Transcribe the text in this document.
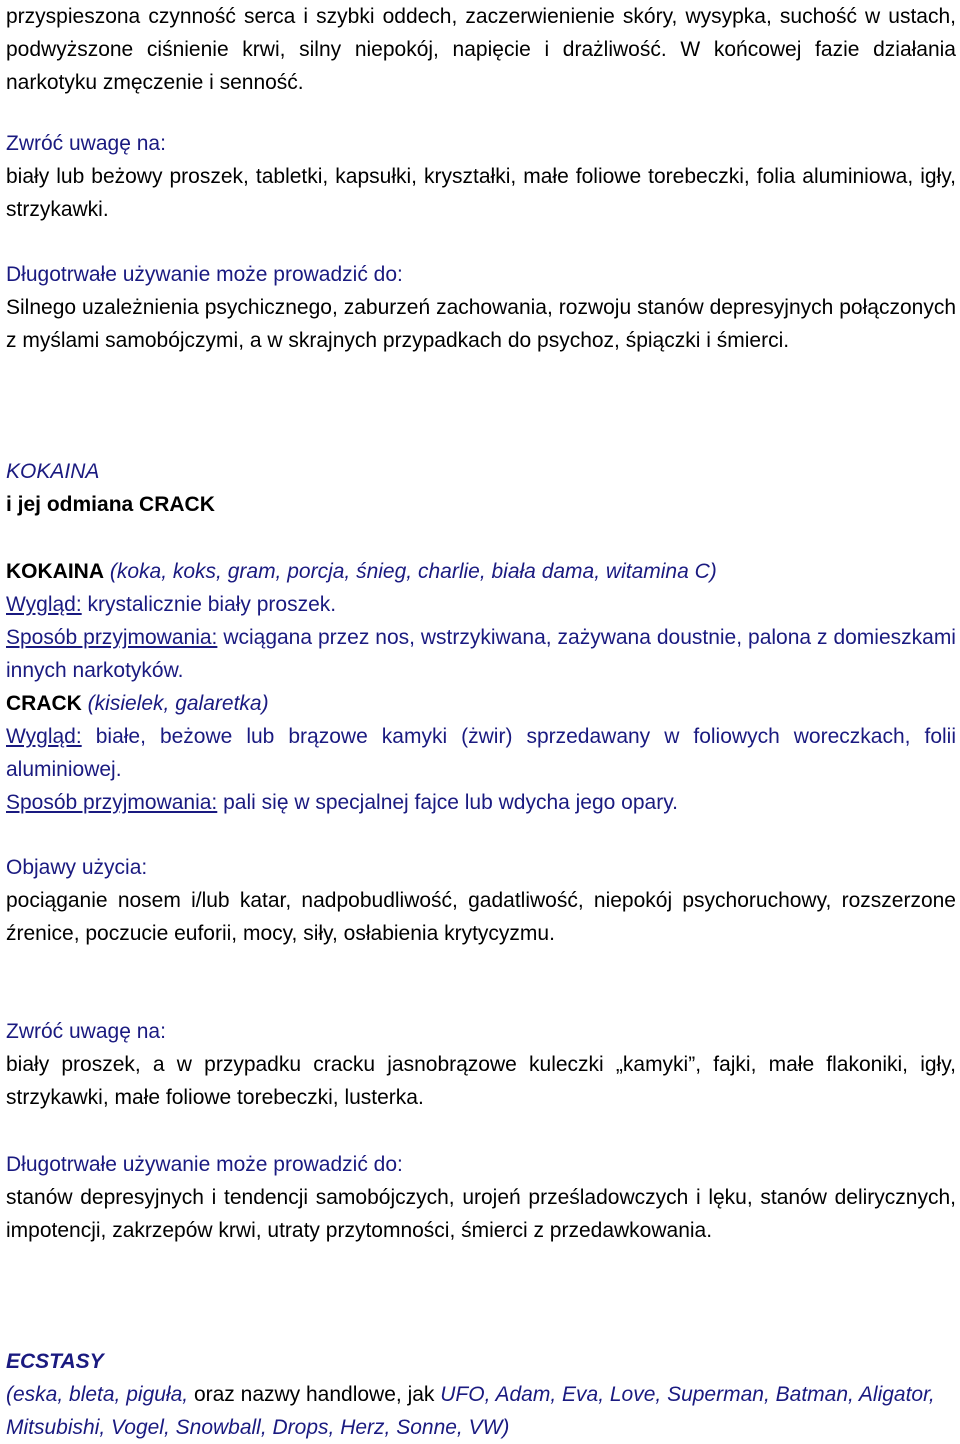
przyspieszona czynność serca i szybki oddech, zaczerwienienie skóry, wysypka, suchość w ustach, podwyższone ciśnienie krwi, silny niepokój, napięcie i drażliwość. W końcowej fazie działania narkotyku zmęczenie i senność.

Zwróć uwagę na:

biały lub beżowy proszek, tabletki, kapsułki, kryształki, małe foliowe torebeczki, folia aluminiowa, igły, strzykawki.

Długotrwałe używanie może prowadzić do:

Silnego uzależnienia psychicznego, zaburzeń zachowania, rozwoju stanów depresyjnych połączonych z myślami samobójczymi, a w skrajnych przypadkach do psychoz, śpiączki i śmierci.

KOKAINA

i jej odmiana CRACK

KOKAINA (koka, koks, gram, porcja, śnieg, charlie, biała dama, witamina C)

Wygląd: krystalicznie biały proszek.

Sposób przyjmowania: wciągana przez nos, wstrzykiwana, zażywana doustnie, palona z domieszkami innych narkotyków.

CRACK (kisielek, galaretka)

Wygląd: białe, beżowe lub brązowe kamyki (żwir) sprzedawany w foliowych woreczkach, folii aluminiowej.

Sposób przyjmowania: pali się w specjalnej fajce lub wdycha jego opary.

Objawy użycia:

pociąganie nosem i/lub katar, nadpobudliwość, gadatliwość, niepokój psychoruchowy, rozszerzone źrenice, poczucie euforii, mocy, siły, osłabienia krytycyzmu.

Zwróć uwagę na:

biały proszek, a w przypadku cracku jasnobrązowe kuleczki „kamyki”, fajki, małe flakoniki, igły, strzykawki, małe foliowe torebeczki, lusterka.

Długotrwałe używanie może prowadzić do:

stanów depresyjnych i tendencji samobójczych, urojeń prześladowczych i lęku, stanów delirycznych, impotencji, zakrzepów krwi, utraty przytomności, śmierci z przedawkowania.

ECSTASY

(eska, bleta, piguła, oraz nazwy handlowe, jak UFO, Adam, Eva, Love, Superman, Batman, Aligator, Mitsubishi, Vogel, Snowball, Drops, Herz, Sonne, VW)
